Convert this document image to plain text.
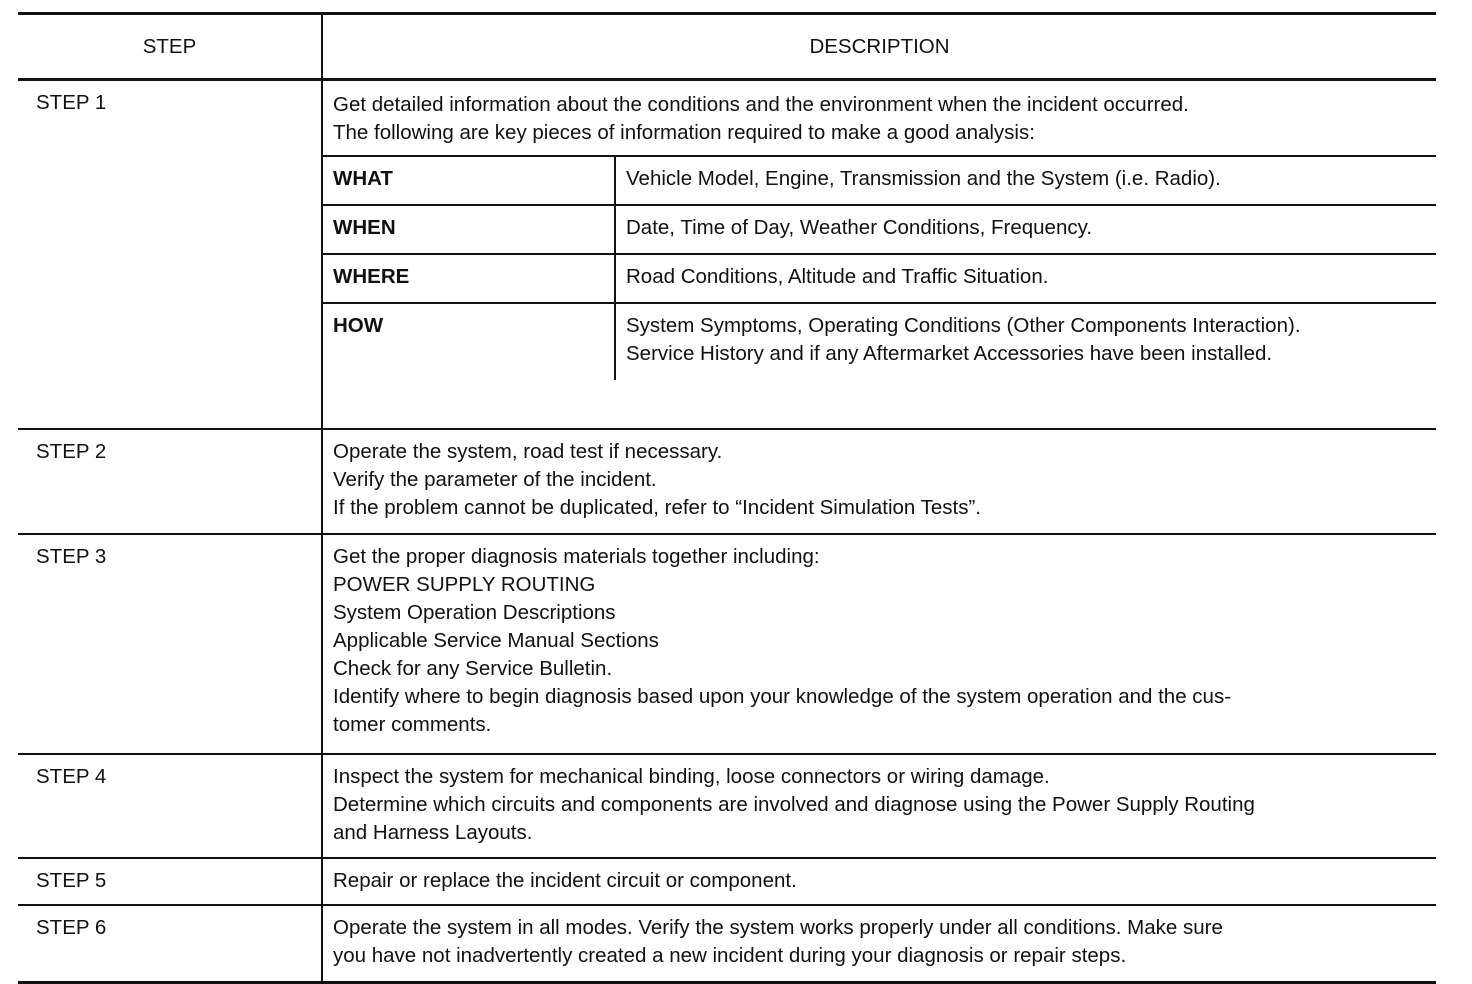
STEP	DESCRIPTION
STEP 1	Get detailed information about the conditions and the environment when the incident occurred.
The following are key pieces of information required to make a good analysis:
WHAT	Vehicle Model, Engine, Transmission and the System (i.e. Radio).

WHEN	Date, Time of Day, Weather Conditions, Frequency.

WHERE	Road Conditions, Altitude and Traffic Situation.

HOW	System Symptoms, Operating Conditions (Other Components Interaction).
Service History and if any Aftermarket Accessories have been installed.

STEP 2	Operate the system, road test if necessary.
Verify the parameter of the incident.
If the problem cannot be duplicated, refer to “Incident Simulation Tests”.

STEP 3	Get the proper diagnosis materials together including:
POWER SUPPLY ROUTING
System Operation Descriptions
Applicable Service Manual Sections
Check for any Service Bulletin.
Identify where to begin diagnosis based upon your knowledge of the system operation and the cus-
tomer comments.

STEP 4	Inspect the system for mechanical binding, loose connectors or wiring damage.
Determine which circuits and components are involved and diagnose using the Power Supply Routing
and Harness Layouts.

STEP 5	Repair or replace the incident circuit or component.

STEP 6	Operate the system in all modes. Verify the system works properly under all conditions. Make sure
you have not inadvertently created a new incident during your diagnosis or repair steps.
